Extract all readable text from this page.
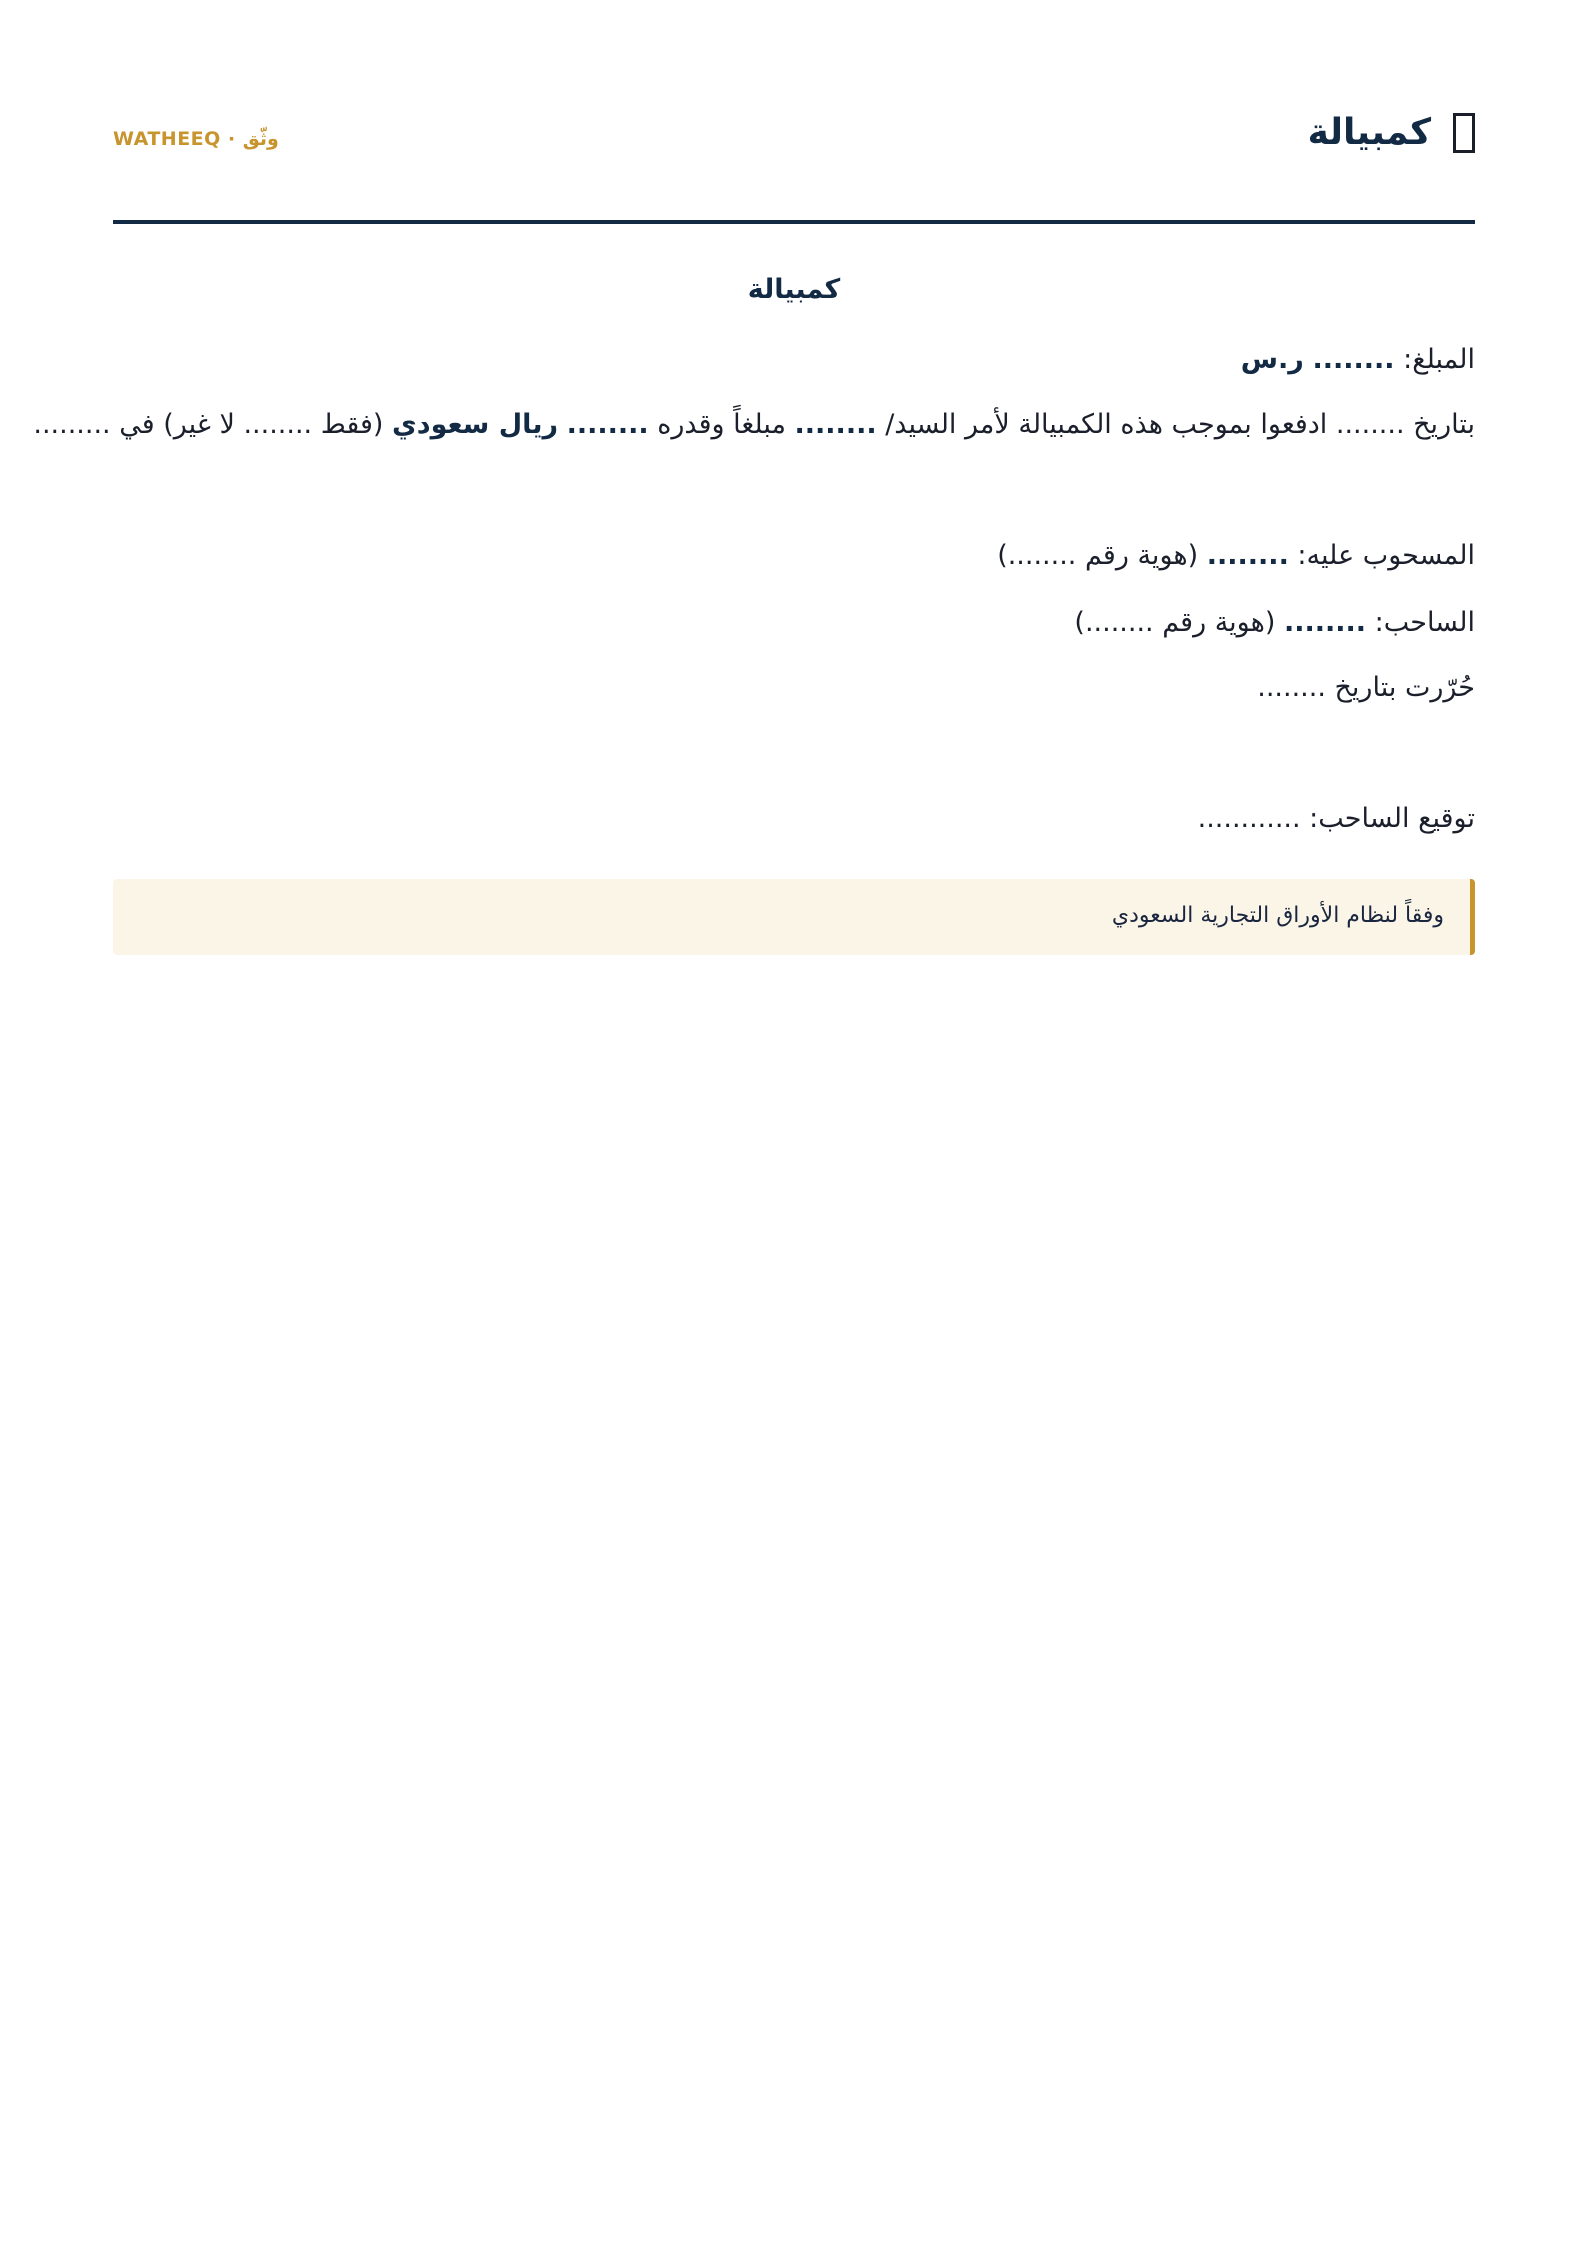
كمبيالة
WATHEEQ · وثّق
كمبيالة
المبلغ: ........ ر.س
بتاريخ ........ ادفعوا بموجب هذه الكمبيالة لأمر السيد/ ........ مبلغاً وقدره ........ ريال سعودي (فقط ........ لا غير) في .........
المسحوب عليه: ........ (هوية رقم ........)
الساحب: ........ (هوية رقم ........)
حُرّرت بتاريخ ........
توقيع الساحب: ............
وفقاً لنظام الأوراق التجارية السعودي
